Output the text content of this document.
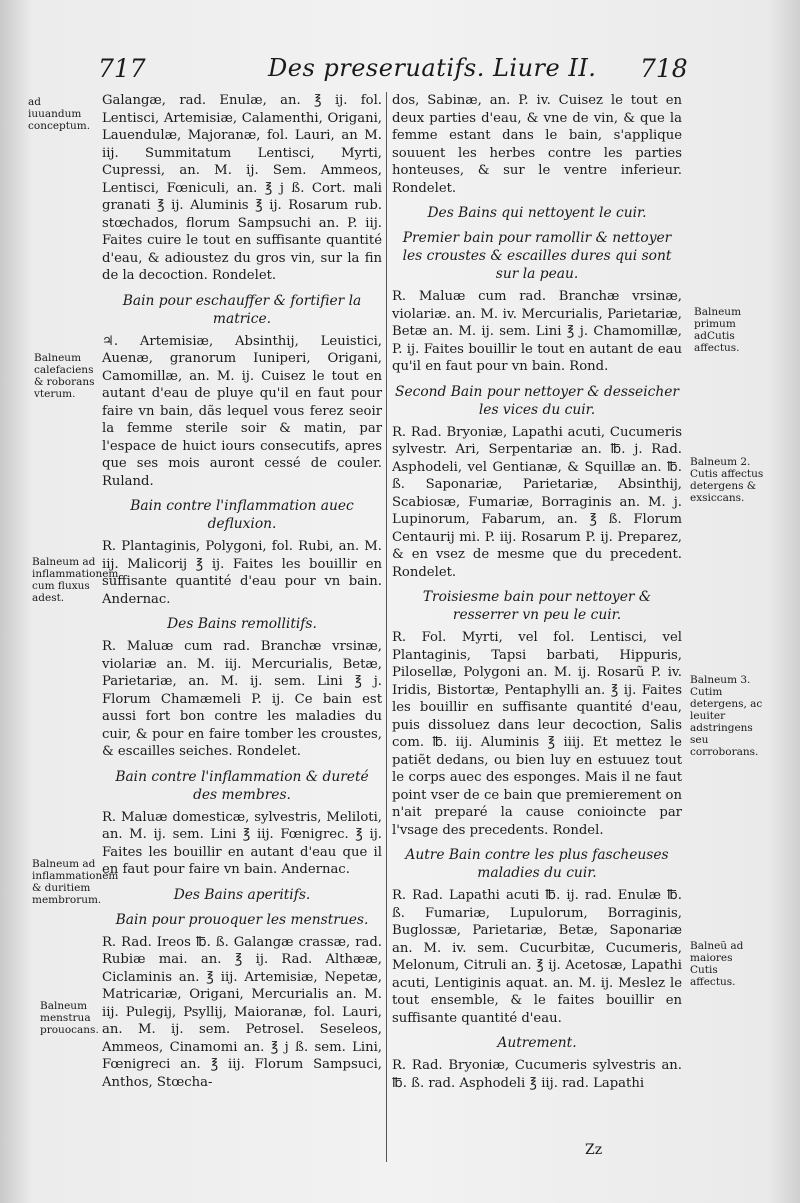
717	Des preseruatifs. Liure II. 718

Galangæ, rad. Enulæ, an. ℥ ij. fol. Lentisci, Artemisiæ, Calamenthi, Origani, Lauendulæ, Majoranæ, fol. Lauri, an M. iij. Summitatum Lentisci, Myrti, Cupressi, an. M. ij. Sem. Ammeos, Lentisci, Fœniculi, an. ℥ j ß. Cort. mali granati ℥ ij. Aluminis ℥ ij. Rosarum rub. stœchados, florum Sampsuchi an. P. iij. Faites cuire le tout en suffisante quantité d'eau, & adioustez du gros vin, sur la fin de la decoction. Rondelet.

Bain pour eschauffer & fortifier la matrice.

♃. Artemisiæ, Absinthij, Leuistici, Auenæ, granorum Iuniperi, Origani, Camomillæ, an. M. ij. Cuisez le tout en autant d'eau de pluye qu'il en faut pour faire vn bain, dãs lequel vous ferez seoir la femme sterile soir & matin, par l'espace de huict iours consecutifs, apres que ses mois auront cessé de couler. Ruland.

Bain contre l'inflammation auec defluxion.

R. Plantaginis, Polygoni, fol. Rubi, an. M. iij. Malicorij ℥ ij. Faites les bouillir en suffisante quantité d'eau pour vn bain. Andernac.

Des Bains remollitifs.

R. Maluæ cum rad. Branchæ vrsinæ, violariæ an. M. iij. Mercurialis, Betæ, Parietariæ, an. M. ij. sem. Lini ℥ j. Florum Chamæmeli P. ij. Ce bain est aussi fort bon contre les maladies du cuir, & pour en faire tomber les croustes, & escailles seiches. Rondelet.

Bain contre l'inflammation & dureté des membres.

R. Maluæ domesticæ, sylvestris, Meliloti, an. M. ij. sem. Lini ℥ iij. Fœnigrec. ℥ ij. Faites les bouillir en autant d'eau que il en faut pour faire vn bain. Andernac.

Des Bains aperitifs.

Bain pour prouoquer les menstrues.

R. Rad. Ireos ℔. ß. Galangæ crassæ, rad. Rubiæ mai. an. ℥ ij. Rad. Althææ, Ciclaminis an. ℥ iij. Artemisiæ, Nepetæ, Matricariæ, Origani, Mercurialis an. M. iij. Pulegij, Psyllij, Maioranæ, fol. Lauri, an. M. ij. sem. Petrosel. Seseleos, Ammeos, Cinamomi an. ℥ j ß. sem. Lini, Fœnigreci an. ℥ iij. Florum Sampsuci, Anthos, Stœcha-

dos, Sabinæ, an. P. iv. Cuisez le tout en deux parties d'eau, & vne de vin, & que la femme estant dans le bain, s'applique souuent les herbes contre les parties honteuses, & sur le ventre inferieur. Rondelet.

Des Bains qui nettoyent le cuir.

Premier bain pour ramollir & nettoyer les croustes & escailles dures qui sont sur la peau.

R. Maluæ cum rad. Branchæ vrsinæ, violariæ. an. M. iv. Mercurialis, Parietariæ, Betæ an. M. ij. sem. Lini ℥ j. Chamomillæ, P. ij. Faites bouillir le tout en autant de eau qu'il en faut pour vn bain. Rond.

Second Bain pour nettoyer & desseicher les vices du cuir.

R. Rad. Bryoniæ, Lapathi acuti, Cucumeris sylvestr. Ari, Serpentariæ an. ℔. j. Rad. Asphodeli, vel Gentianæ, & Squillæ an. ℔. ß. Saponariæ, Parietariæ, Absinthij, Scabiosæ, Fumariæ, Borraginis an. M. j. Lupinorum, Fabarum, an. ℥ ß. Florum Centaurij mi. P. iij. Rosarum P. ij. Preparez, & en vsez de mesme que du precedent. Rondelet.

Troisiesme bain pour nettoyer & resserrer vn peu le cuir.

R. Fol. Myrti, vel fol. Lentisci, vel Plantaginis, Tapsi barbati, Hippuris, Pilosellæ, Polygoni an. M. ij. Rosarũ P. iv. Iridis, Bistortæ, Pentaphylli an. ℥ ij. Faites les bouillir en suffisante quantité d'eau, puis dissoluez dans leur decoction, Salis com. ℔. iij. Aluminis ℥ iiij. Et mettez le patiẽt dedans, ou bien luy en estuuez tout le corps auec des esponges. Mais il ne faut point vser de ce bain que premierement on n'ait preparé la cause conioincte par l'vsage des precedents. Rondel.

Autre Bain contre les plus fascheuses maladies du cuir.

R. Rad. Lapathi acuti ℔. ij. rad. Enulæ ℔. ß. Fumariæ, Lupulorum, Borraginis, Buglossæ, Parietariæ, Betæ, Saponariæ an. M. iv. sem. Cucurbitæ, Cucumeris, Melonum, Citruli an. ℥ ij. Acetosæ, Lapathi acuti, Lentiginis aquat. an. M. ij. Meslez le tout ensemble, & le faites bouillir en suffisante quantité d'eau.

Autrement.

R. Rad. Bryoniæ, Cucumeris sylvestris an. ℔. ß. rad. Asphodeli ℥ iij. rad. Lapathi

ad iuuandum conceptum.
Balneum calefaciens & roborans vterum.
Balneum ad inflammationem cum fluxus adest.
Balneum ad inflammationem & duritiem membrorum.
Balneum menstrua prouocans.
Balneum primum adCutis affectus.
Balneum 2. Cutis affectus detergens & exsiccans.
Balneum 3. Cutim detergens, ac leuiter adstringens seu corroborans.
Balneũ ad maiores Cutis affectus.
Zz
